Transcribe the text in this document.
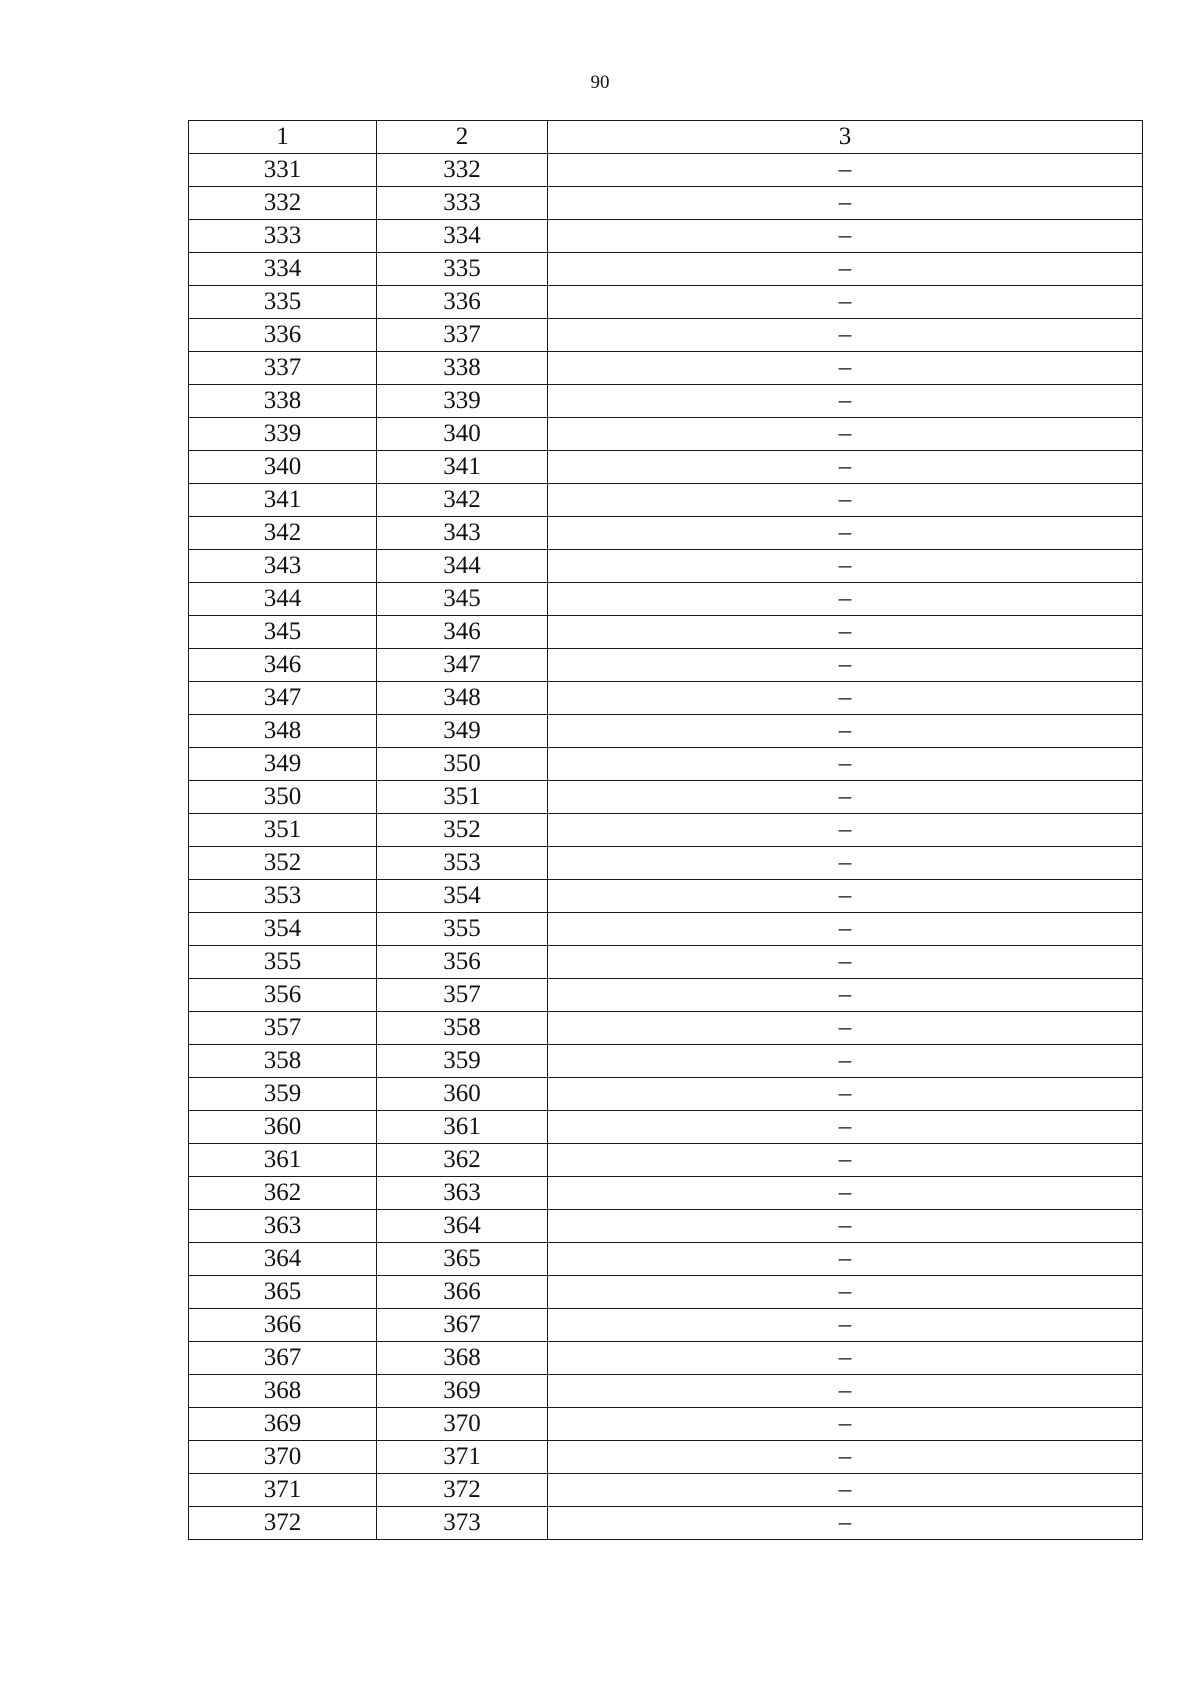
90
1	2	3
331	332	–
332	333	–
333	334	–
334	335	–
335	336	–
336	337	–
337	338	–
338	339	–
339	340	–
340	341	–
341	342	–
342	343	–
343	344	–
344	345	–
345	346	–
346	347	–
347	348	–
348	349	–
349	350	–
350	351	–
351	352	–
352	353	–
353	354	–
354	355	–
355	356	–
356	357	–
357	358	–
358	359	–
359	360	–
360	361	–
361	362	–
362	363	–
363	364	–
364	365	–
365	366	–
366	367	–
367	368	–
368	369	–
369	370	–
370	371	–
371	372	–
372	373	–
